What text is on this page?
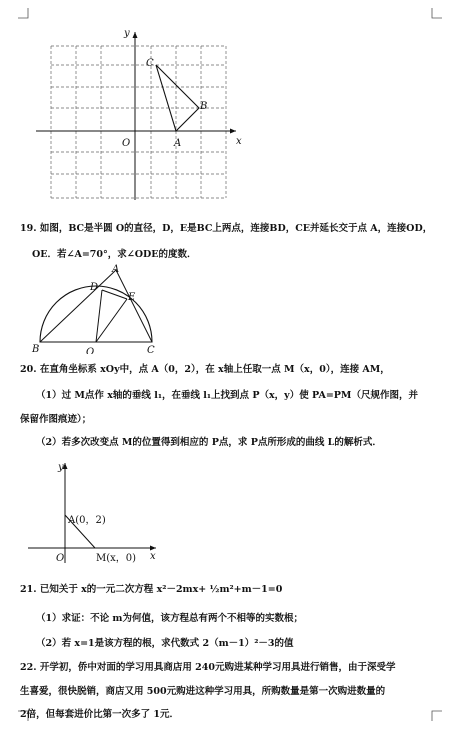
y
x
O	A
B
C
19. 如图，BC是半圆 O的直径，D，E是BC上两点，连接BD，CE并延长交于点 A，连接OD，
OE．若∠A=70°，求∠ODE的度数．
A
D
E
B	O	C
20. 在直角坐标系 xOy中，点 A（0，2），在 x轴上任取一点 M（x，0），连接 AM，
（1）过 M点作 x轴的垂线 l₁，在垂线 l₁上找到点 P（x，y）使 PA=PM（尺规作图，并
保留作图痕迹）；
（2）若多次改变点 M的位置得到相应的 P点，求 P点所形成的曲线 L的解析式．
y
x
O
A(0，2)
M(x，0)
21. 已知关于 x的一元二次方程 x²－2mx+ ½m²+m－1=0
（1）求证：不论 m为何值，该方程总有两个不相等的实数根；
（2）若 x=1是该方程的根，求代数式 2（m－1）²－3的值
22. 开学初，侨中对面的学习用具商店用 240元购进某种学习用具进行销售，由于深受学
生喜爱，很快脱销，商店又用 500元购进这种学习用具，所购数量是第一次购进数量的
2倍，但每套进价比第一次多了 1元．
